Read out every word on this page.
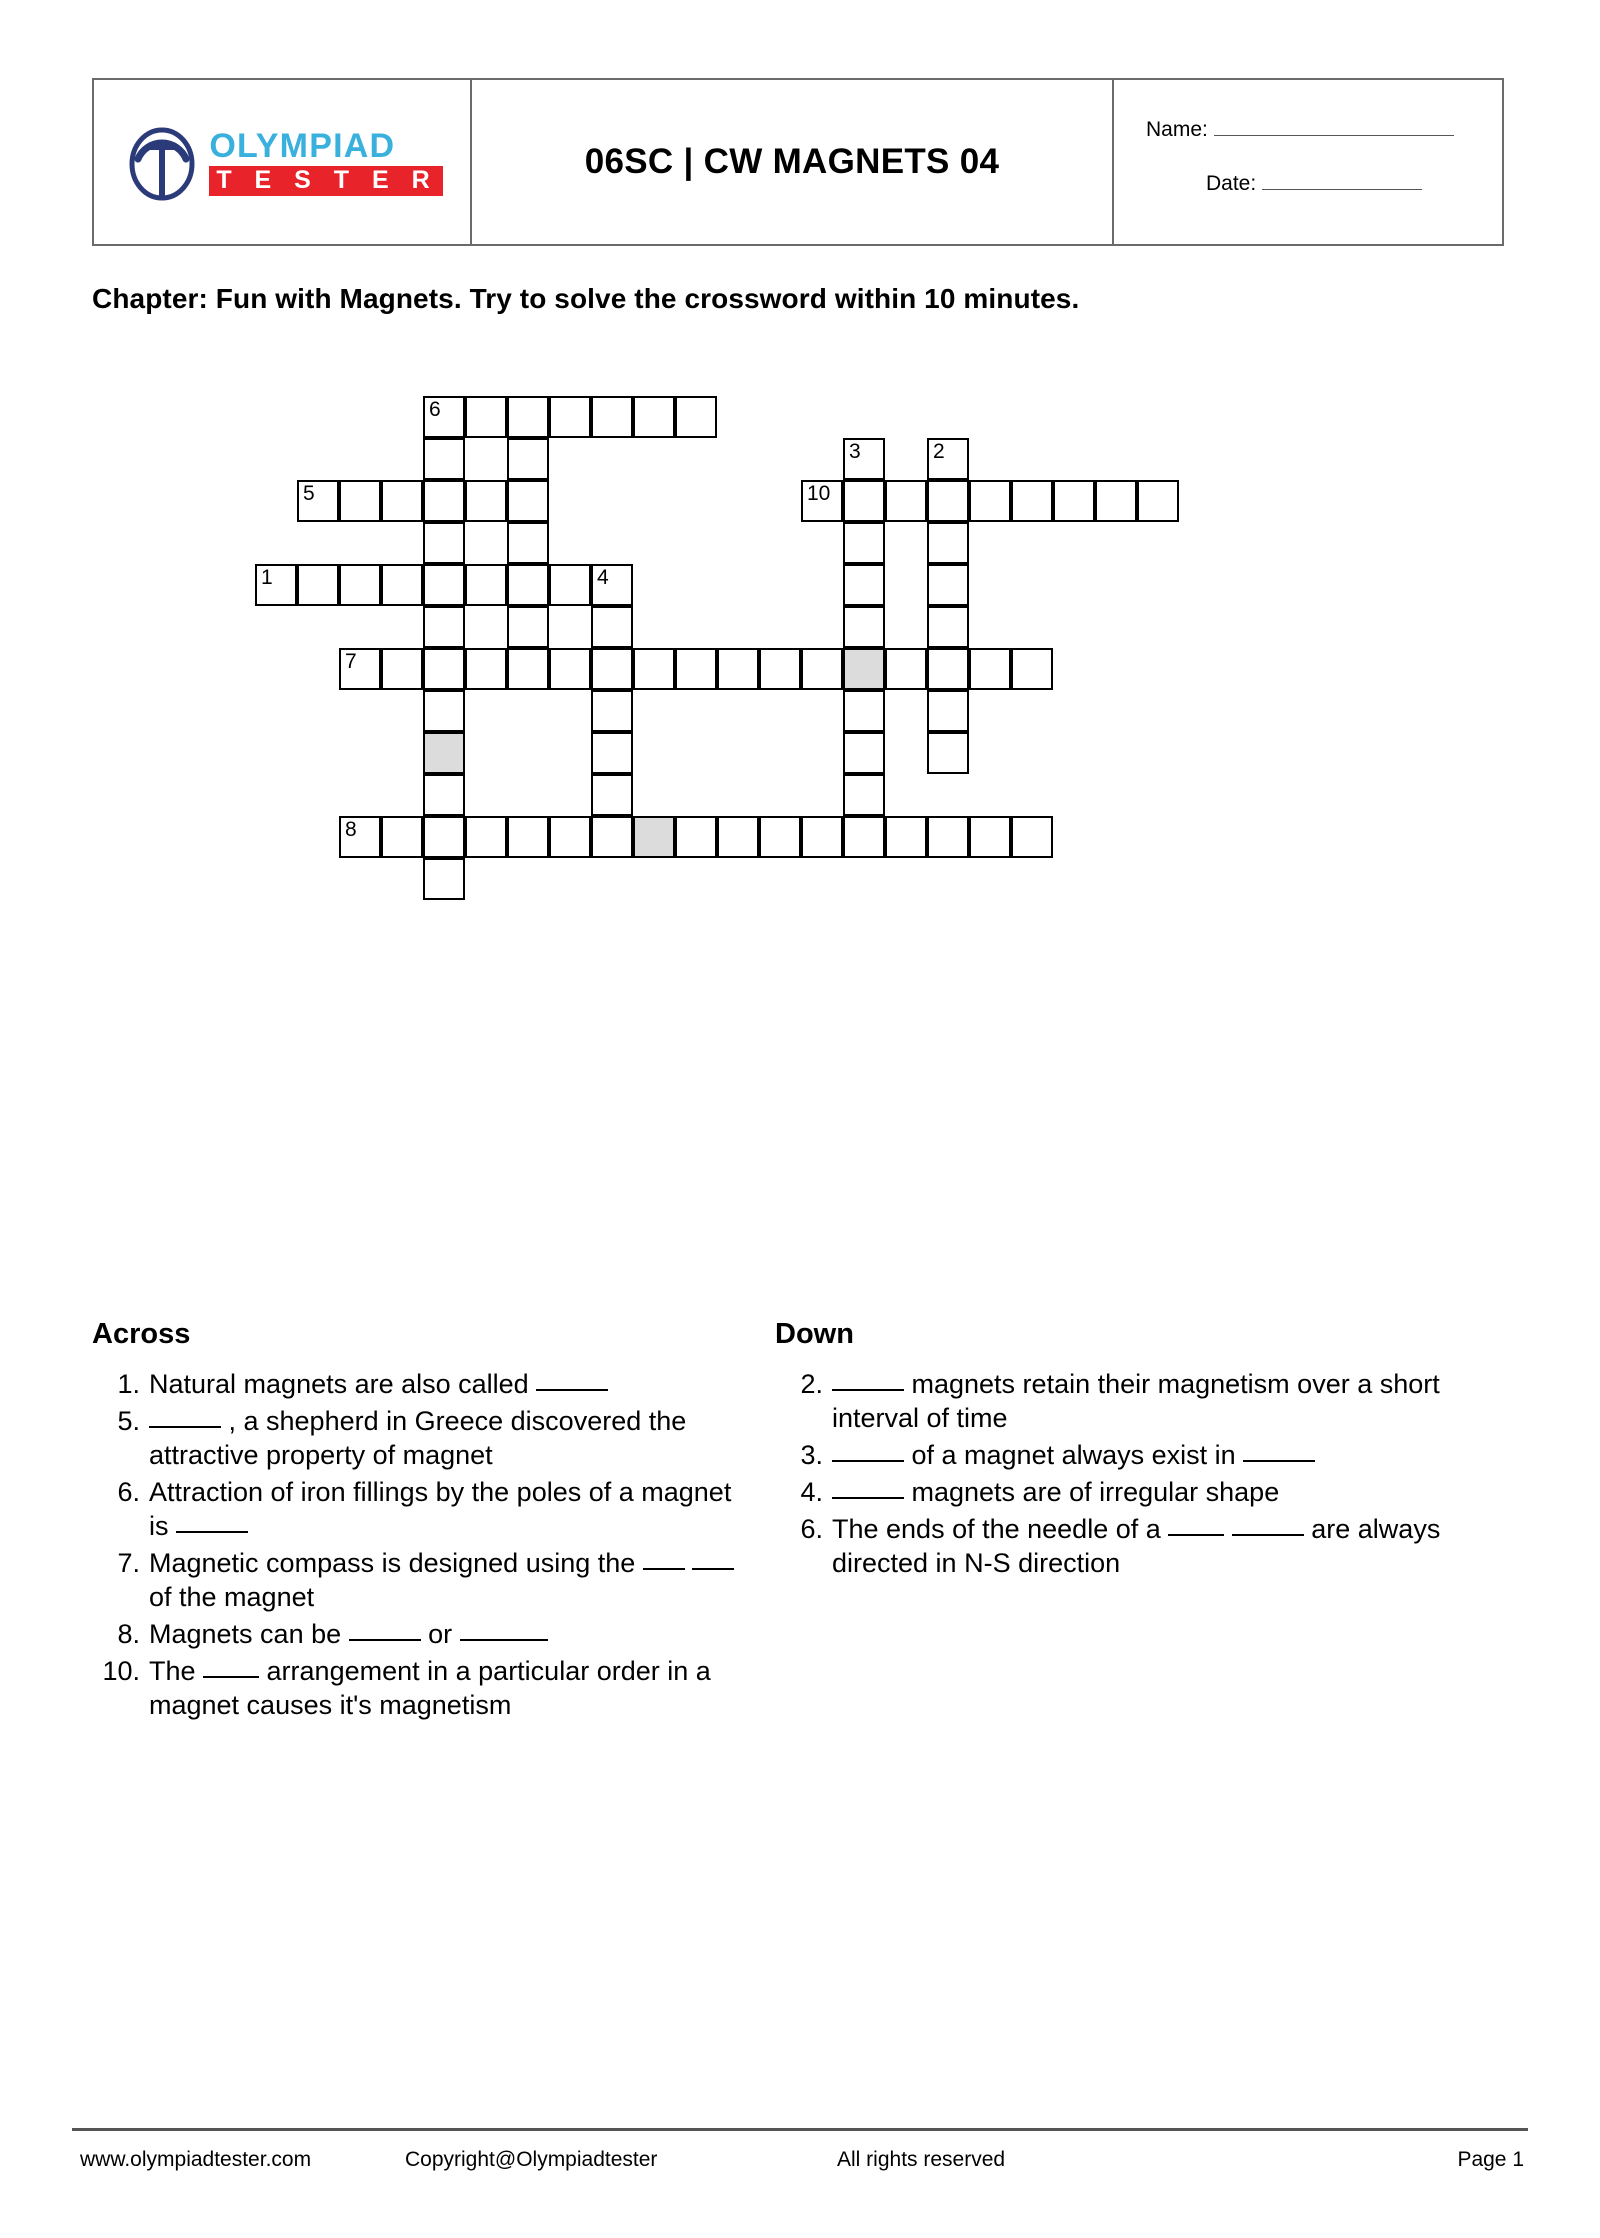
OLYMPIAD
T E S T E R	06SC | CW MAGNETS 04
Name:
Date:
Chapter: Fun with Magnets. Try to solve the crossword within 10 minutes.
6
3	2
5	10
1	4
7
8
Across
1. Natural magnets are also called
5.	, a shepherd in Greece discovered the attractive property of magnet
6. Attraction of iron fillings by the poles of a magnet is
7. Magnetic compass is designed using the   of the magnet
8. Magnets can be	or
10. The  arrangement in a particular order in a magnet causes it's magnetism
Down
2.	magnets retain their magnetism over a short interval of time
3.	of a magnet always exist in
4.	magnets are of irregular shape
6. The ends of the needle of a	are always directed in N-S direction
www.olympiadtester.com	Copyright@Olympiadtester	All rights reserved	Page 1
